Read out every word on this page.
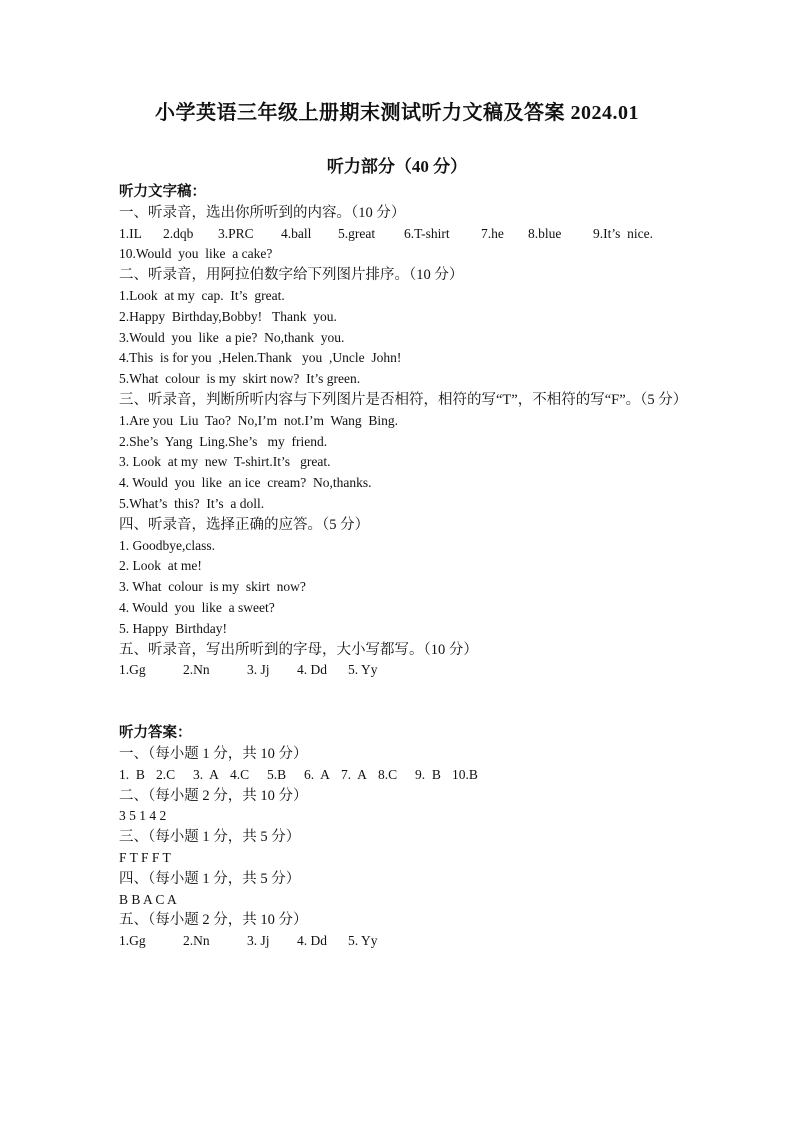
小学英语三年级上册期末测试听力文稿及答案 2024.01
听力部分（40 分）
听力文字稿：
一、听录音，选出你所听到的内容。（10 分）
1.IL	2.dqb	3.PRC	4.ball	5.great	6.T-shirt	7.he	8.blue	9.It’s  nice.
10.Would  you  like  a cake?
二、听录音，用阿拉伯数字给下列图片排序。（10 分）
1.Look  at my  cap.  It’s  great.
2.Happy  Birthday,Bobby!   Thank  you.
3.Would  you  like  a pie?  No,thank  you.
4.This  is for you  ,Helen.Thank   you  ,Uncle  John!
5.What  colour  is my  skirt now?  It’s green.
三、听录音，判断所听内容与下列图片是否相符，相符的写“T”，不相符的写“F”。（5 分）
1.Are you  Liu  Tao?  No,I’m  not.I’m  Wang  Bing.
2.She’s  Yang  Ling.She’s   my  friend.
3. Look  at my  new  T-shirt.It’s   great.
4. Would  you  like  an ice  cream?  No,thanks.
5.What’s  this?  It’s  a doll.
四、听录音，选择正确的应答。（5 分）
1. Goodbye,class.
2. Look  at me!
3. What  colour  is my  skirt  now?
4. Would  you  like  a sweet?
5. Happy  Birthday!
五、听录音，写出所听到的字母，大小写都写。（10 分）
1.Gg	2.Nn	3. Jj	4. Dd	5. Yy
听力答案：
一、（每小题 1 分，共 10 分）
1.  B 2.C	3.  A 4.C	5.B	6.  A 7.  A 8.C	9.  B 10.B
二、（每小题 2 分，共 10 分）
3 5 1 4 2
三、（每小题 1 分，共 5 分）
F T F F T
四、（每小题 1 分，共 5 分）
B B A C A
五、（每小题 2 分，共 10 分）
1.Gg	2.Nn	3. Jj	4. Dd	5. Yy
